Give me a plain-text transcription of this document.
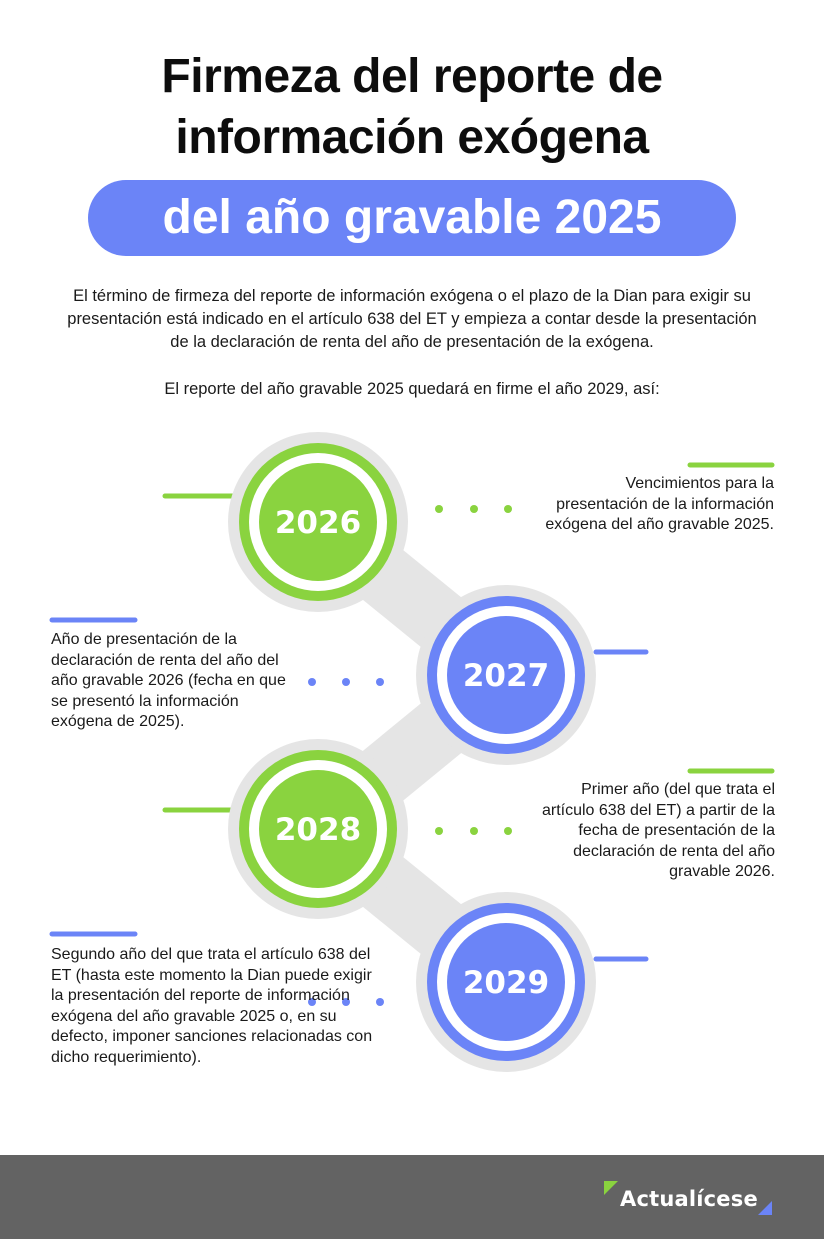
Firmeza del reporte de
información exógena
del año gravable 2025
El término de firmeza del reporte de información exógena o el plazo de la Dian para exigir su presentación está indicado en el artículo 638 del ET y empieza a contar desde la presentación de la declaración de renta del año de presentación de la exógena.
El reporte del año gravable 2025 quedará en firme el año 2029, así:
2026
2027
2028
2029
Vencimientos para la presentación de la información exógena del año gravable 2025.
Año de presentación de la declaración de renta del año del año gravable 2026 (fecha en que se presentó la información exógena de 2025).
Primer año (del que trata el artículo 638 del ET) a partir de la fecha de presentación de la declaración de renta del año gravable 2026.
Segundo año del que trata el artículo 638 del ET (hasta este momento la Dian puede exigir la presentación del reporte de información exógena del año gravable 2025 o, en su defecto, imponer sanciones relacionadas con dicho requerimiento).
Actualícese
